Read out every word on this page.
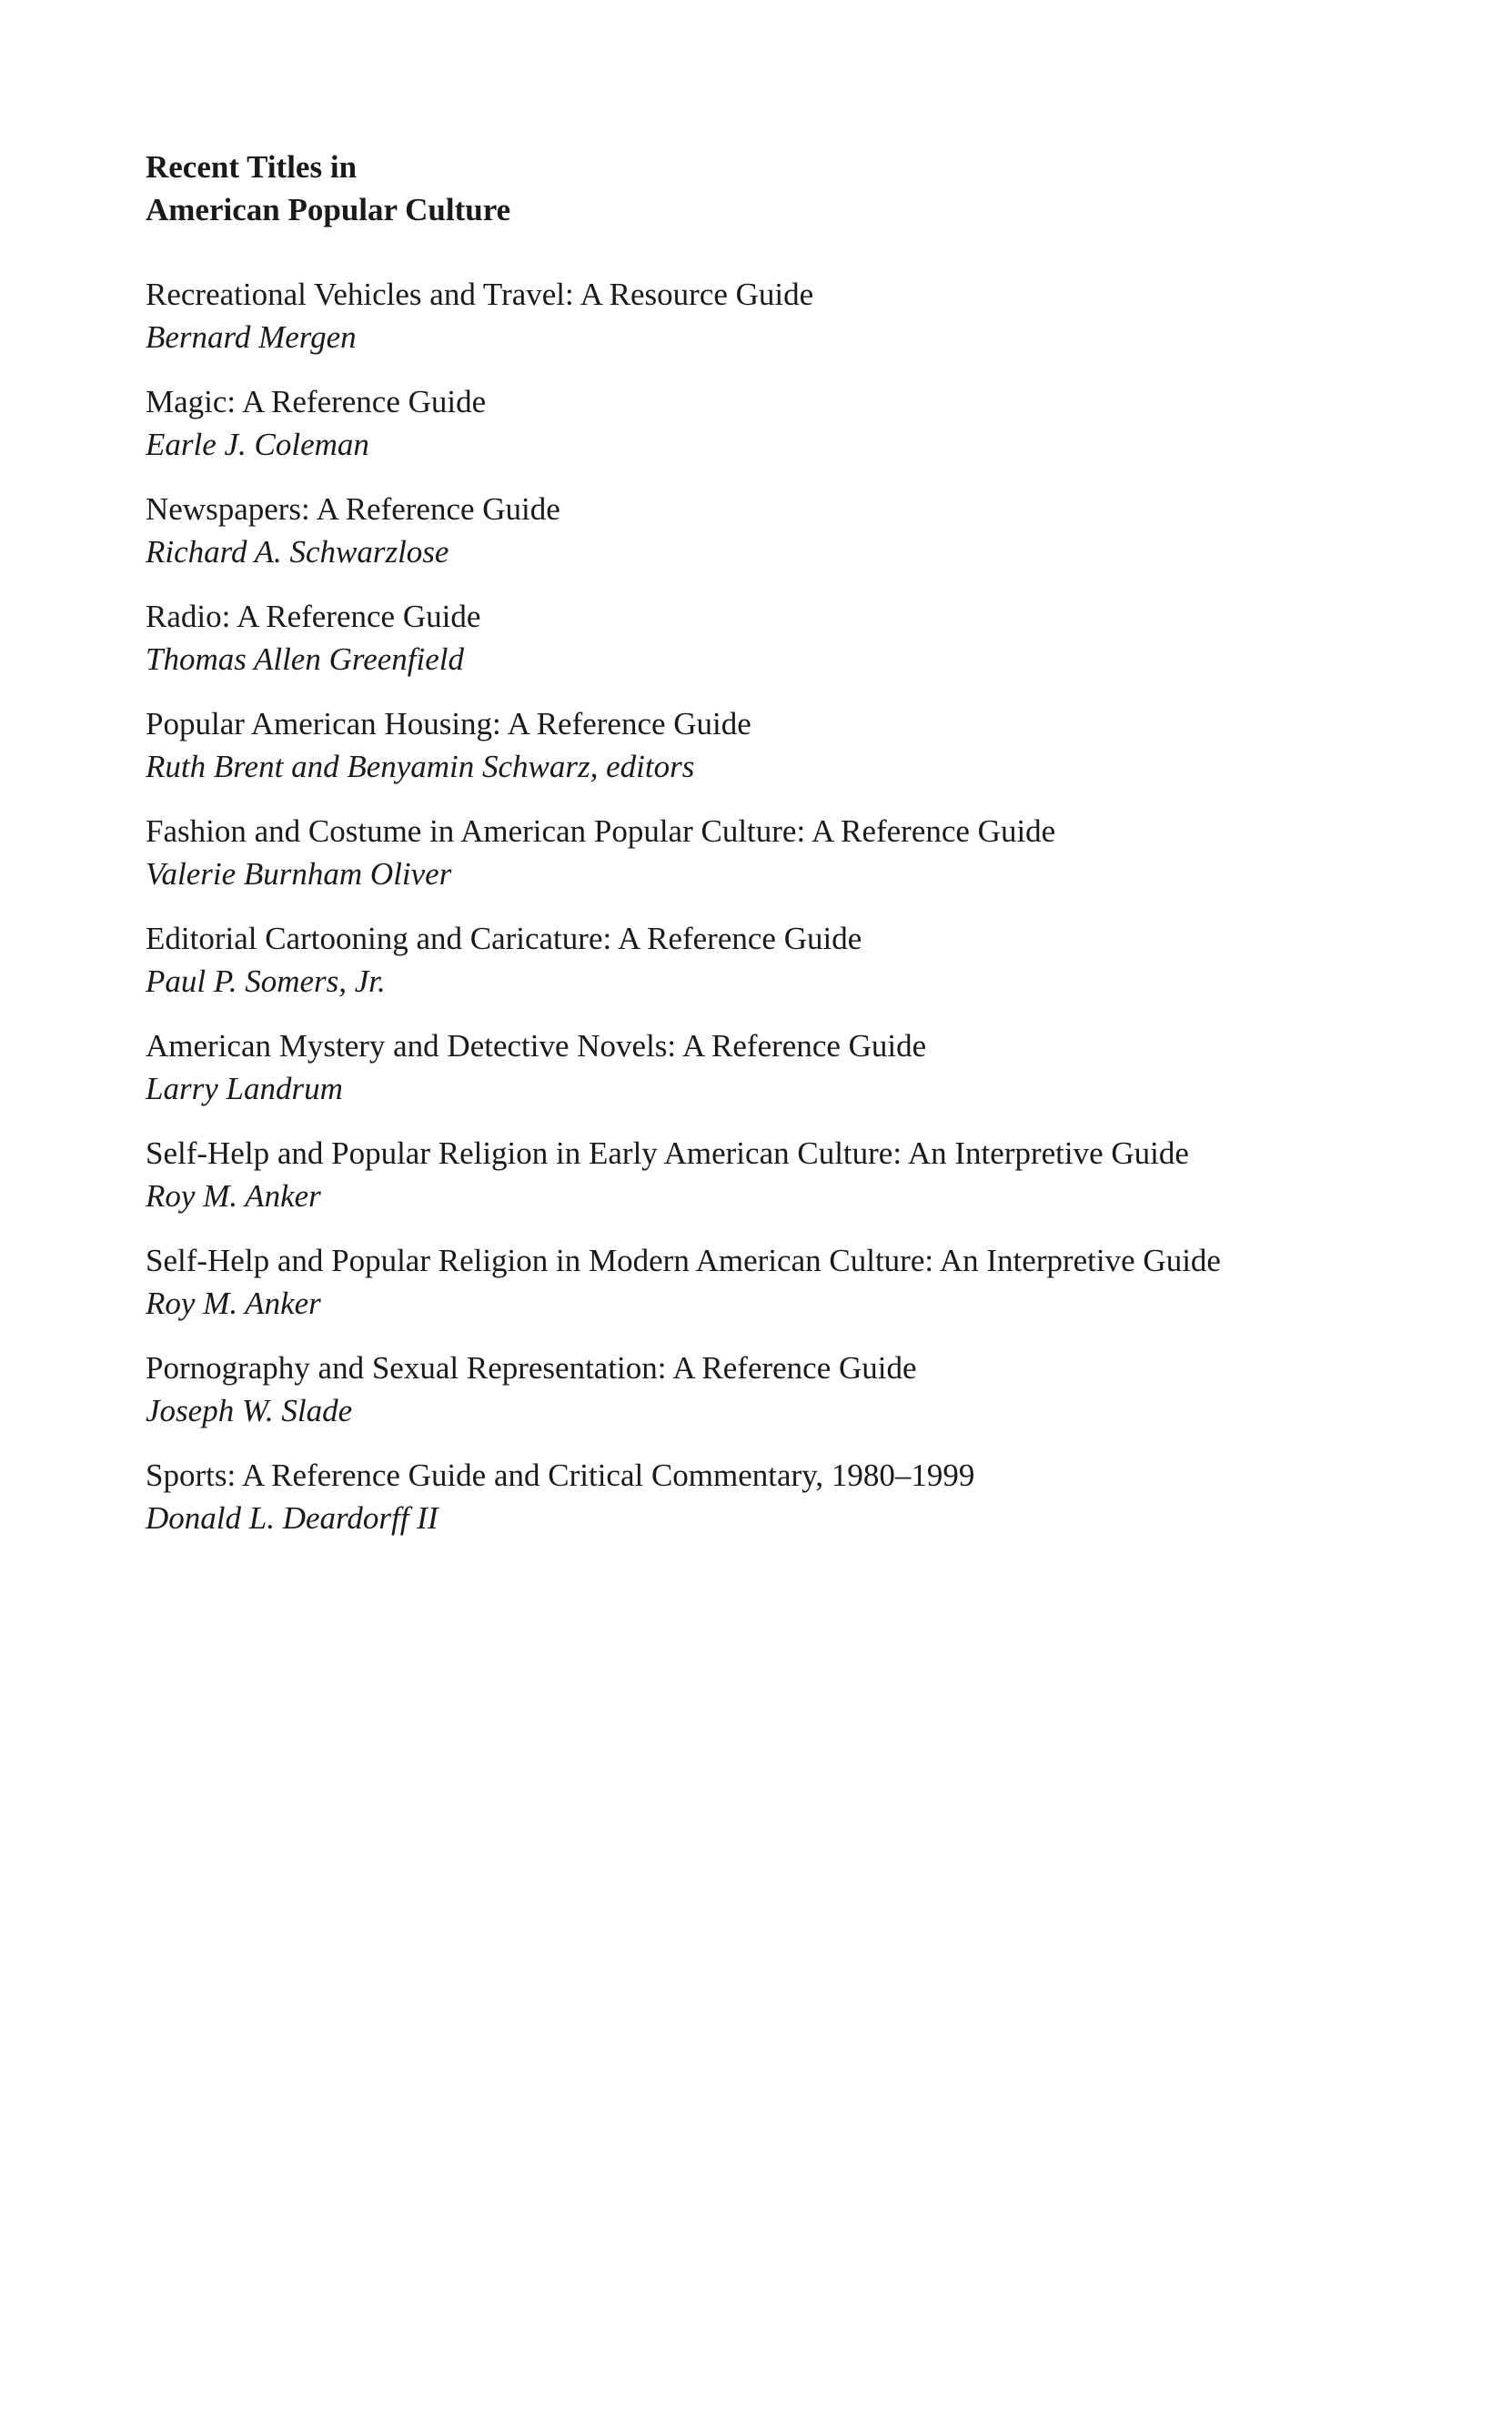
Recent Titles in
American Popular Culture
Recreational Vehicles and Travel: A Resource Guide
Bernard Mergen
Magic: A Reference Guide
Earle J. Coleman
Newspapers: A Reference Guide
Richard A. Schwarzlose
Radio: A Reference Guide
Thomas Allen Greenfield
Popular American Housing: A Reference Guide
Ruth Brent and Benyamin Schwarz, editors
Fashion and Costume in American Popular Culture: A Reference Guide
Valerie Burnham Oliver
Editorial Cartooning and Caricature: A Reference Guide
Paul P. Somers, Jr.
American Mystery and Detective Novels: A Reference Guide
Larry Landrum
Self-Help and Popular Religion in Early American Culture: An Interpretive Guide
Roy M. Anker
Self-Help and Popular Religion in Modern American Culture: An Interpretive Guide
Roy M. Anker
Pornography and Sexual Representation: A Reference Guide
Joseph W. Slade
Sports: A Reference Guide and Critical Commentary, 1980–1999
Donald L. Deardorff II
